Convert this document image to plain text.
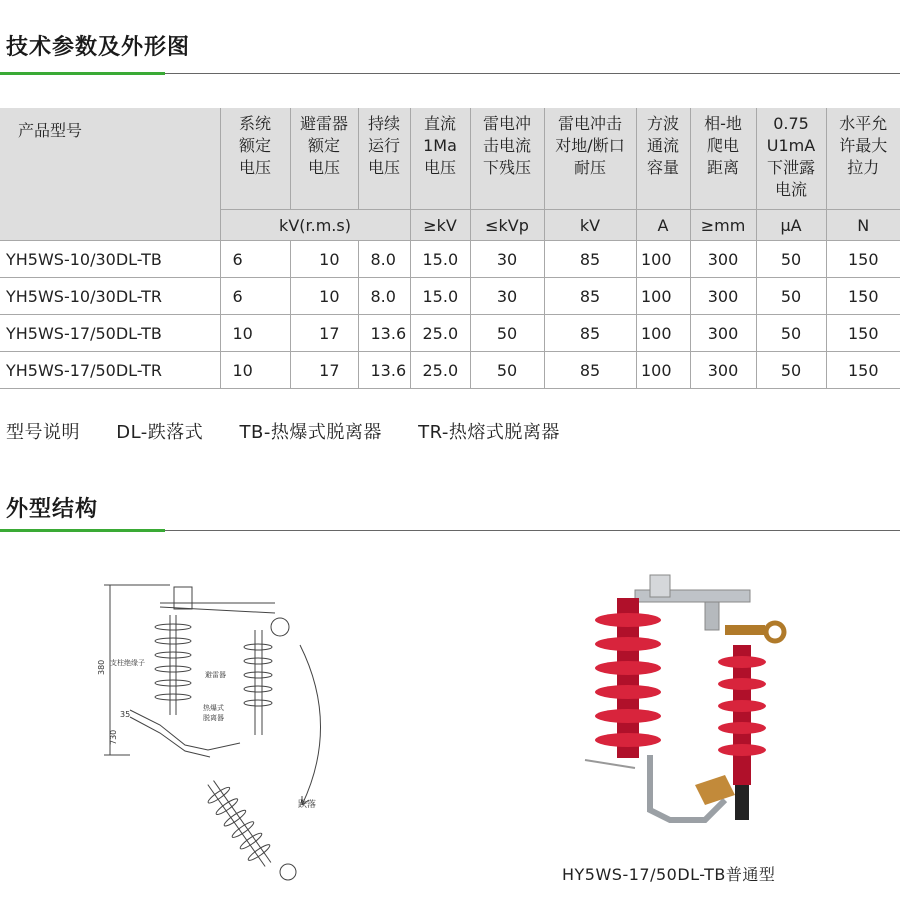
技术参数及外形图
产品型号	系统
额定
电压	避雷器
额定
电压	持续
运行
电压	直流
1Ma
电压	雷电冲
击电流
下残压	雷电冲击
对地/断口
耐压	方波
通流
容量	相-地
爬电
距离	0.75
U1mA
下泄露
电流	水平允
许最大
拉力
	kV(r.m.s)			≥kV	≤kVp	kV	A	≥mm	μA	N
YH5WS-10/30DL-TB	6	10	8.0	15.0	30	85	100	300	50	150
YH5WS-10/30DL-TR	6	10	8.0	15.0	30	85	100	300	50	150
YH5WS-17/50DL-TB	10	17	13.6	25.0	50	85	100	300	50	150
YH5WS-17/50DL-TR	10	17	13.6	25.0	50	85	100	300	50	150
型号说明 DL-跌落式 TB-热爆式脱离器 TR-热熔式脱离器
外型结构
380
35
730
支柱绝缘子
避雷器
热爆式
脱离器
跌落
HY5WS-17/50DL-TB普通型
